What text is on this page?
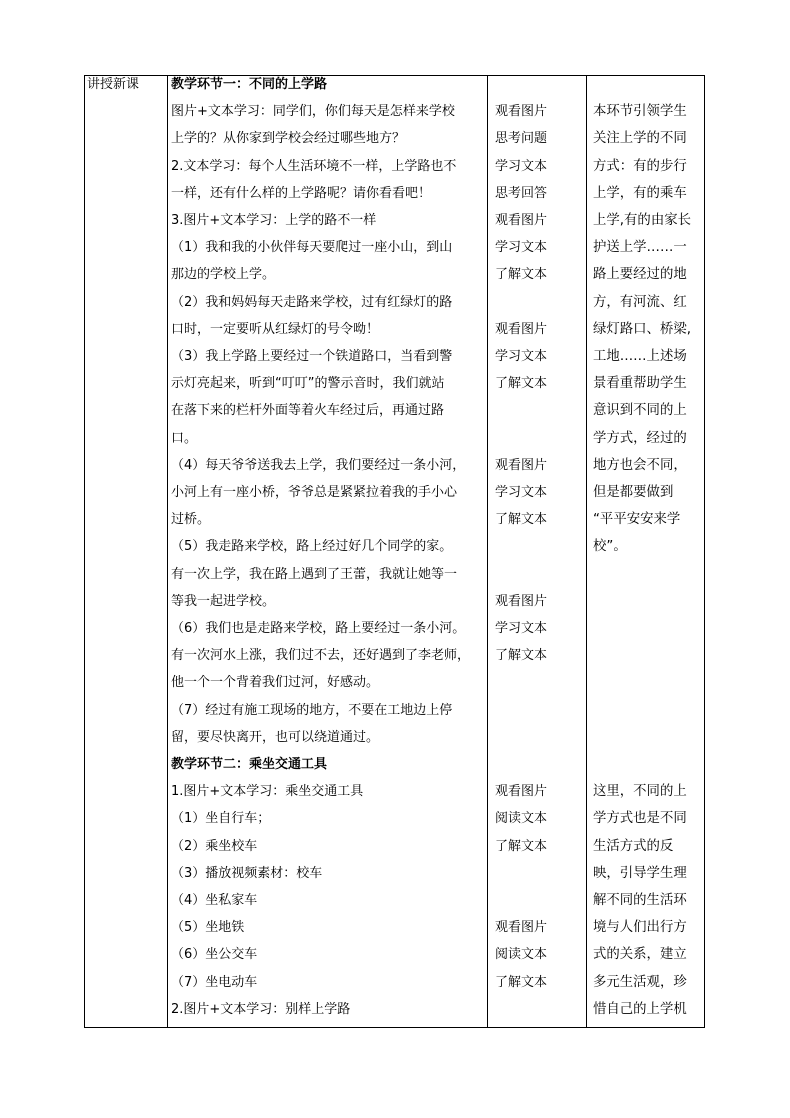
讲授新课 教学环节一：不同的上学路
图片+文本学习：同学们，你们每天是怎样来学校
上学的？从你家到学校会经过哪些地方？
2.文本学习：每个人生活环境不一样，上学路也不
一样，还有什么样的上学路呢？请你看看吧！
3.图片+文本学习：上学的路不一样
（1）我和我的小伙伴每天要爬过一座小山，到山
那边的学校上学。
（2）我和妈妈每天走路来学校，过有红绿灯的路
口时，一定要听从红绿灯的号令呦！
（3）我上学路上要经过一个铁道路口，当看到警
示灯亮起来，听到“叮叮”的警示音时，我们就站
在落下来的栏杆外面等着火车经过后，再通过路
口。
（4）每天爷爷送我去上学，我们要经过一条小河，
小河上有一座小桥，爷爷总是紧紧拉着我的手小心
过桥。
（5）我走路来学校，路上经过好几个同学的家。
有一次上学，我在路上遇到了王蕾，我就让她等一
等我一起进学校。
（6）我们也是走路来学校，路上要经过一条小河。
有一次河水上涨，我们过不去，还好遇到了李老师，
他一个一个背着我们过河，好感动。
（7）经过有施工现场的地方，不要在工地边上停
留，要尽快离开，也可以绕道通过。
教学环节二：乘坐交通工具
1.图片+文本学习：乘坐交通工具
（1）坐自行车；
（2）乘坐校车
（3）播放视频素材：校车
（4）坐私家车
（5）坐地铁
（6）坐公交车
（7）坐电动车
2.图片+文本学习：别样上学路
观看图片
思考问题
学习文本
思考回答
观看图片
学习文本
了解文本
观看图片
学习文本
了解文本
观看图片
学习文本
了解文本
观看图片
学习文本
了解文本
观看图片
阅读文本
了解文本
观看图片
阅读文本
了解文本
本环节引领学生
关注上学的不同
方式：有的步行
上学，有的乘车
上学,有的由家长
护送上学……一
路上要经过的地
方，有河流、红
绿灯路口、桥梁,
工地……上述场
景看重帮助学生
意识到不同的上
学方式，经过的
地方也会不同，
但是都要做到
“平平安安来学
校”。
这里，不同的上
学方式也是不同
生活方式的反
映，引导学生理
解不同的生活环
境与人们出行方
式的关系，建立
多元生活观，珍
惜自己的上学机
